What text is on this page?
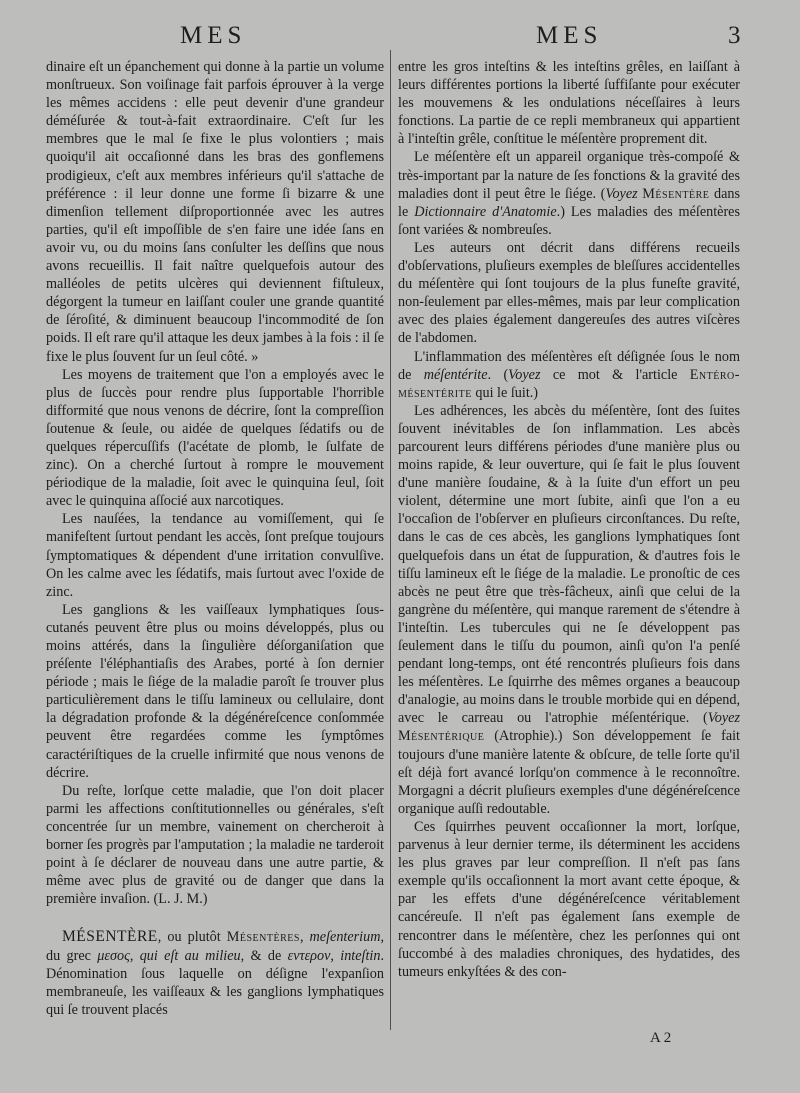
MES	MES	3

dinaire eſt un épanchement qui donne à la partie un volume monſtrueux. Son voiſinage fait parfois éprouver à la verge les mêmes accidens : elle peut devenir d'une grandeur déméſurée & tout-à-fait extraordinaire. C'eſt ſur les membres que le mal ſe fixe le plus volontiers ; mais quoiqu'il ait occaſionné dans les bras des gonflemens prodigieux, c'eſt aux membres inférieurs qu'il s'attache de préférence : il leur donne une forme ſi bizarre & une dimenſion tellement diſproportionnée avec les autres parties, qu'il eſt impoſſible de s'en faire une idée ſans en avoir vu, ou du moins ſans conſulter les deſſins que nous avons recueillis. Il fait naître quelquefois autour des malléoles de petits ulcères qui deviennent fiſtuleux, dégorgent la tumeur en laiſſant couler une grande quantité de ſéroſité, & diminuent beaucoup l'incommodité de ſon poids. Il eſt rare qu'il attaque les deux jambes à la fois : il ſe fixe le plus ſouvent ſur un ſeul côté. »

Les moyens de traitement que l'on a employés avec le plus de ſuccès pour rendre plus ſupportable l'horrible difformité que nous venons de décrire, ſont la compreſſion ſoutenue & ſeule, ou aidée de quelques ſédatifs ou de quelques répercuſſifs (l'acétate de plomb, le ſulfate de zinc). On a cherché ſurtout à rompre le mouvement périodique de la maladie, ſoit avec le quinquina ſeul, ſoit avec le quinquina aſſocié aux narcotiques.

Les nauſées, la tendance au vomiſſement, qui ſe manifeſtent ſurtout pendant les accès, ſont preſque toujours ſymptomatiques & dépendent d'une irritation convulſive. On les calme avec les ſédatifs, mais ſurtout avec l'oxide de zinc.

Les ganglions & les vaiſſeaux lymphatiques ſous-cutanés peuvent être plus ou moins développés, plus ou moins attérés, dans la ſingulière déſorganiſation que préſente l'éléphantiaſis des Arabes, porté à ſon dernier période ; mais le ſiége de la maladie paroît ſe trouver plus particulièrement dans le tiſſu lamineux ou cellulaire, dont la dégradation profonde & la dégénéreſcence conſommée peuvent être regardées comme les ſymptômes caractériſtiques de la cruelle infirmité que nous venons de décrire.

Du reſte, lorſque cette maladie, que l'on doit placer parmi les affections conſtitutionnelles ou générales, s'eſt concentrée ſur un membre, vainement on chercheroit à borner ſes progrès par l'amputation ; la maladie ne tarderoit point à ſe déclarer de nouveau dans une autre partie, & même avec plus de gravité ou de danger que dans la première invaſion. (L. J. M.)

MÉSENTÈRE, ou plutôt Mésentères, meſenterium, du grec μεσος, qui eſt au milieu, & de εντερον, inteſtin. Dénomination ſous laquelle on déſigne l'expanſion membraneuſe, les vaiſſeaux & les ganglions lymphatiques qui ſe trouvent placés

entre les gros inteſtins & les inteſtins grêles, en laiſſant à leurs différentes portions la liberté ſuffiſante pour exécuter les mouvemens & les ondulations néceſſaires à leurs fonctions. La partie de ce repli membraneux qui appartient à l'inteſtin grêle, conſtitue le méſentère proprement dit.

Le méſentère eſt un appareil organique très-compoſé & très-important par la nature de ſes fonctions & la gravité des maladies dont il peut être le ſiége. (Voyez Mésentère dans le Dictionnaire d'Anatomie.) Les maladies des méſentères ſont variées & nombreuſes.

Les auteurs ont décrit dans différens recueils d'obſervations, pluſieurs exemples de bleſſures accidentelles du méſentère qui ſont toujours de la plus funeſte gravité, non-ſeulement par elles-mêmes, mais par leur complication avec des plaies également dangereuſes des autres viſcères de l'abdomen.

L'inflammation des méſentères eſt déſignée ſous le nom de méſentérite. (Voyez ce mot & l'article Entéro-mésentérite qui le ſuit.)

Les adhérences, les abcès du méſentère, ſont des ſuites ſouvent inévitables de ſon inflammation. Les abcès parcourent leurs différens périodes d'une manière plus ou moins rapide, & leur ouverture, qui ſe fait le plus ſouvent d'une manière ſoudaine, & à la ſuite d'un effort un peu violent, détermine une mort ſubite, ainſi que l'on a eu l'occaſion de l'obſerver en pluſieurs circonſtances. Du reſte, dans le cas de ces abcès, les ganglions lymphatiques ſont quelquefois dans un état de ſuppuration, & d'autres fois le tiſſu lamineux eſt le ſiége de la maladie. Le pronoſtic de ces abcès ne peut être que très-fâcheux, ainſi que celui de la gangrène du méſentère, qui manque rarement de s'étendre à l'inteſtin. Les tubercules qui ne ſe développent pas ſeulement dans le tiſſu du poumon, ainſi qu'on l'a penſé pendant long-temps, ont été rencontrés pluſieurs fois dans les méſentères. Le ſquirrhe des mêmes organes a beaucoup d'analogie, au moins dans le trouble morbide qui en dépend, avec le carreau ou l'atrophie méſentérique. (Voyez Mésentérique (Atrophie).) Son développement ſe fait toujours d'une manière latente & obſcure, de telle ſorte qu'il eſt déjà fort avancé lorſqu'on commence à le reconnoître. Morgagni a décrit pluſieurs exemples d'une dégénéreſcence organique auſſi redoutable.

Ces ſquirrhes peuvent occaſionner la mort, lorſque, parvenus à leur dernier terme, ils déterminent les accidens les plus graves par leur compreſſion. Il n'eſt pas ſans exemple qu'ils occaſionnent la mort avant cette époque, & par les effets d'une dégénéreſcence véritablement cancéreuſe. Il n'eſt pas également ſans exemple de rencontrer dans le méſentère, chez les perſonnes qui ont ſuccombé à des maladies chroniques, des hydatides, des tumeurs enkyſtées & des con-

A 2
